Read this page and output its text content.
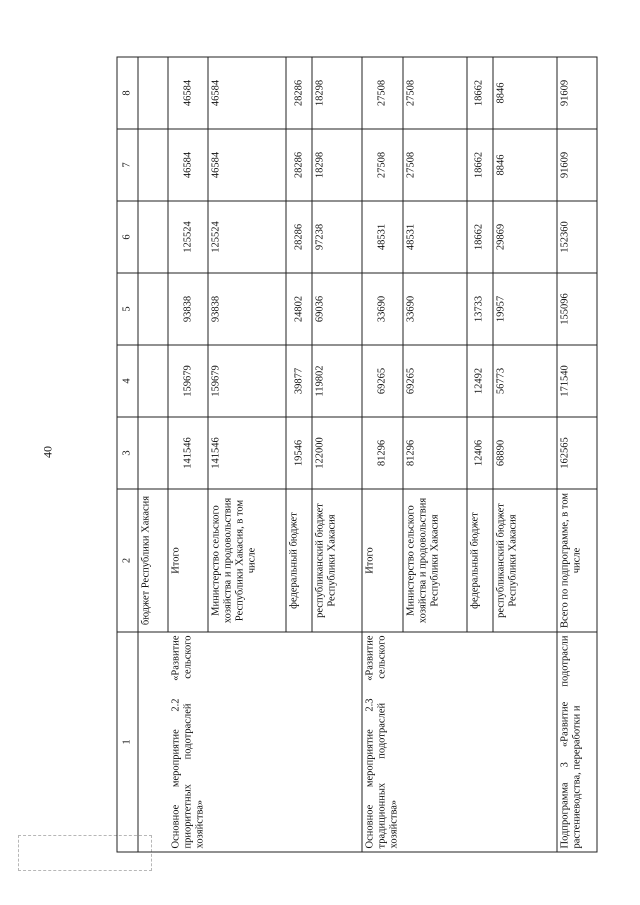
40
1	2	3	4	5	6	7	8
	бюджет Республики Хакасия						
Основное мероприятие 2.2 «Развитие приоритетных подотраслей сельского хозяйства»	Итого	141546	159679	93838	125524	46584	46584
	Министерство сельского хозяйства и продовольствия Республики Хакасия, в том числе	141546	159679	93838	125524	46584	46584
	федеральный бюджет	19546	39877	24802	28286	28286	28286
	республиканский бюджет Республики Хакасия	122000	119802	69036	97238	18298	18298
Основное мероприятие 2.3 «Развитие традиционных подотраслей сельского хозяйства»	Итого	81296	69265	33690	48531	27508	27508
	Министерство сельского хозяйства и продовольствия Республики Хакасия	81296	69265	33690	48531	27508	27508
	федеральный бюджет	12406	12492	13733	18662	18662	18662
	республиканский бюджет Республики Хакасия	68890	56773	19957	29869	8846	8846
Подпрограмма 3 «Развитие подотрасли растениеводства, переработки и	Всего по подпрограмме, в том числе	162565	171540	155096	152360	91609	91609
